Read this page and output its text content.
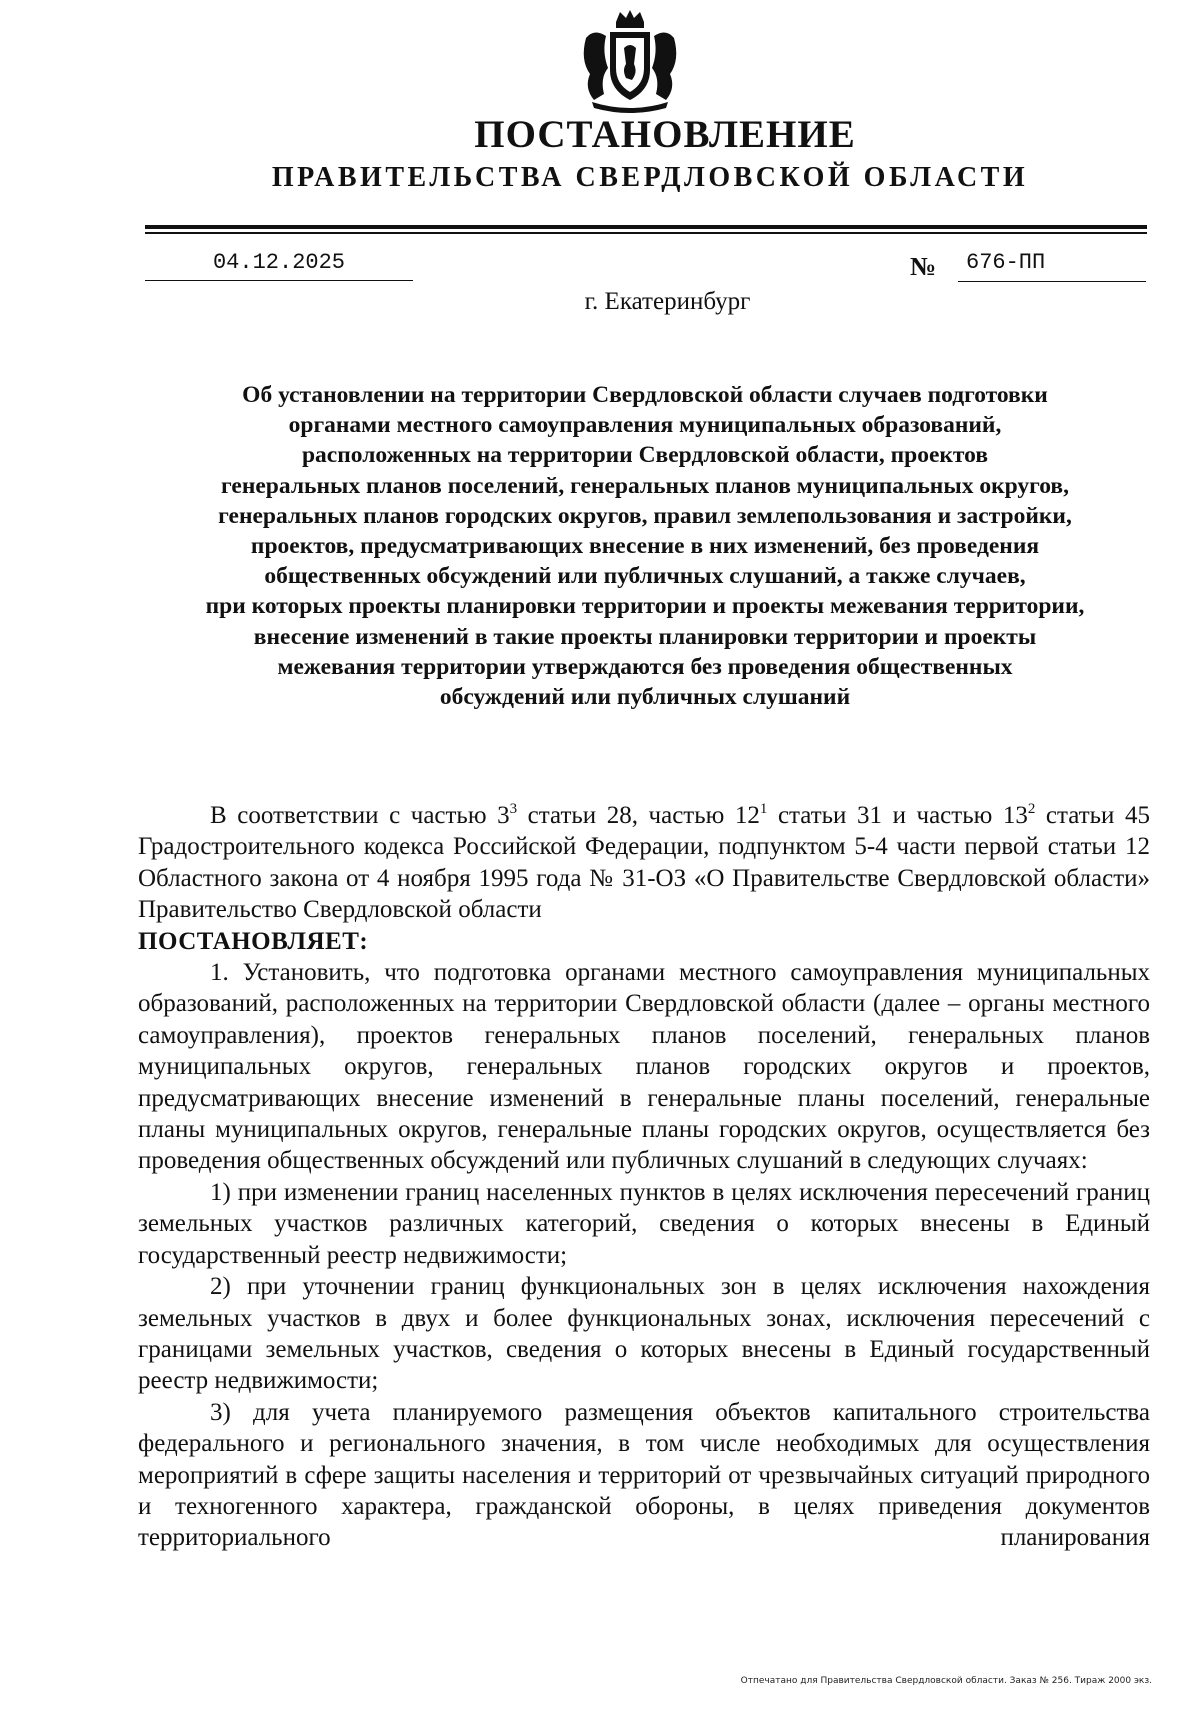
ПОСТАНОВЛЕНИЕ
ПРАВИТЕЛЬСТВА СВЕРДЛОВСКОЙ ОБЛАСТИ
04.12.2025	№	676-ПП
г. Екатеринбург
Об установлении на территории Свердловской области случаев подготовки
органами местного самоуправления муниципальных образований,
расположенных на территории Свердловской области, проектов
генеральных планов поселений, генеральных планов муниципальных округов,
генеральных планов городских округов, правил землепользования и застройки,
проектов, предусматривающих внесение в них изменений, без проведения
общественных обсуждений или публичных слушаний, а также случаев,
при которых проекты планировки территории и проекты межевания территории,
внесение изменений в такие проекты планировки территории и проекты
межевания территории утверждаются без проведения общественных
обсуждений или публичных слушаний

В соответствии с частью $3^3$ статьи 28, частью $12^1$ статьи 31 и частью $13^2$ статьи 45 Градостроительного кодекса Российской Федерации, подпунктом 5-4 части первой статьи 12 Областного закона от 4 ноября 1995 года № 31-ОЗ «О Правительстве Свердловской области» Правительство Свердловской области

ПОСТАНОВЛЯЕТ:

1. Установить, что подготовка органами местного самоуправления муниципальных образований, расположенных на территории Свердловской области (далее – органы местного самоуправления), проектов генеральных планов поселений, генеральных планов муниципальных округов, генеральных планов городских округов и проектов, предусматривающих внесение изменений в генеральные планы поселений, генеральные планы муниципальных округов, генеральные планы городских округов, осуществляется без проведения общественных обсуждений или публичных слушаний в следующих случаях:

1) при изменении границ населенных пунктов в целях исключения пересечений границ земельных участков различных категорий, сведения о которых внесены в Единый государственный реестр недвижимости;

2) при уточнении границ функциональных зон в целях исключения нахождения земельных участков в двух и более функциональных зонах, исключения пересечений с границами земельных участков, сведения о которых внесены в Единый государственный реестр недвижимости;

3) для учета планируемого размещения объектов капитального строительства федерального и регионального значения, в том числе необходимых для осуществления мероприятий в сфере защиты населения и территорий от чрезвычайных ситуаций природного и техногенного характера, гражданской обороны, в целях приведения документов территориального планирования

Отпечатано для Правительства Свердловской области. Заказ № 256. Тираж 2000 экз.
